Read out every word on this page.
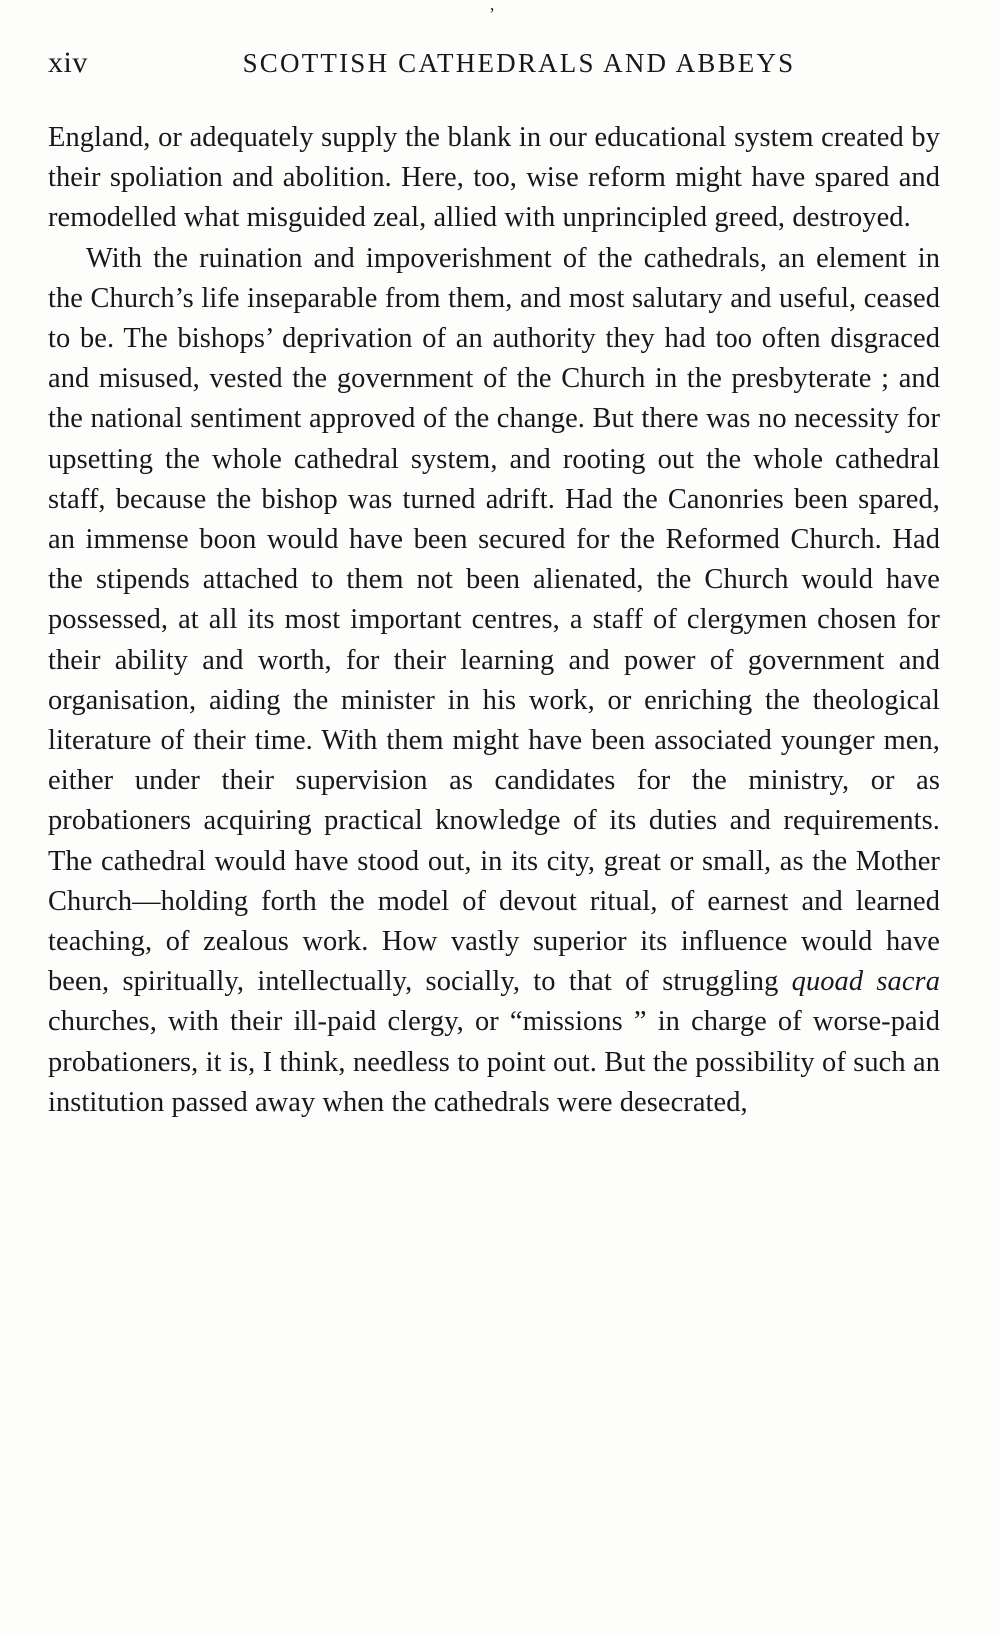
’
xiv	SCOTTISH CATHEDRALS AND ABBEYS

England, or adequately supply the blank in our educational system created by their spoliation and abolition. Here, too, wise reform might have spared and remodelled what misguided zeal, allied with unprincipled greed, destroyed.

With the ruination and impoverishment of the cathedrals, an element in the Church’s life inseparable from them, and most salutary and useful, ceased to be. The bishops’ deprivation of an authority they had too often disgraced and misused, vested the government of the Church in the presbyterate ; and the national sentiment approved of the change. But there was no necessity for upsetting the whole cathedral system, and rooting out the whole cathedral staff, because the bishop was turned adrift. Had the Canonries been spared, an immense boon would have been secured for the Reformed Church. Had the stipends attached to them not been alienated, the Church would have possessed, at all its most important centres, a staff of clergymen chosen for their ability and worth, for their learning and power of government and organisation, aiding the minister in his work, or enriching the theological literature of their time. With them might have been associated younger men, either under their supervision as candidates for the ministry, or as probationers acquiring practical knowledge of its duties and requirements. The cathedral would have stood out, in its city, great or small, as the Mother Church—holding forth the model of devout ritual, of earnest and learned teaching, of zealous work. How vastly superior its influence would have been, spiritually, intellectually, socially, to that of struggling quoad sacra churches, with their ill-paid clergy, or “missions ” in charge of worse-paid probationers, it is, I think, needless to point out. But the possibility of such an institution passed away when the cathedrals were desecrated,
